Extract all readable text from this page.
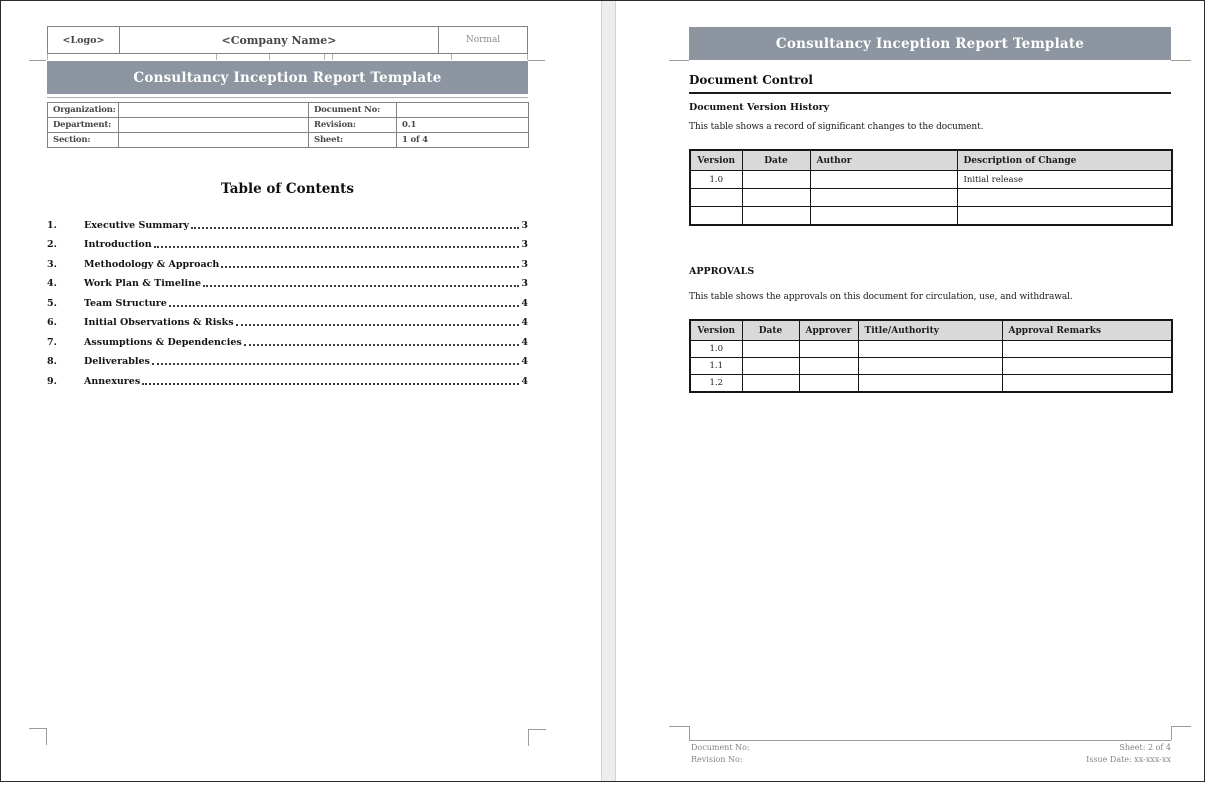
<Logo>	<Company Name>	Normal
Consultancy Inception Report Template
Organization:		Document No:	
Department:		Revision:	0.1
Section:		Sheet:	1 of 4
Table of Contents
1.	Executive Summary	3
2.	Introduction	3
3.	Methodology & Approach	3
4.	Work Plan & Timeline	3
5.	Team Structure	4
6.	Initial Observations & Risks	4
7.	Assumptions & Dependencies	4
8.	Deliverables	4
9.	Annexures	4
Consultancy Inception Report Template
Document Control
Document Version History
This table shows a record of significant changes to the document.
Version	Date	Author	Description of Change
1.0			Initial release

APPROVALS
This table shows the approvals on this document for circulation, use, and withdrawal.
Version	Date	Approver	Title/Authority	Approval Remarks
1.0				
1.1				
1.2				
Document No:
Revision No:
Sheet: 2 of 4
Issue Date: xx-xxx-xx
